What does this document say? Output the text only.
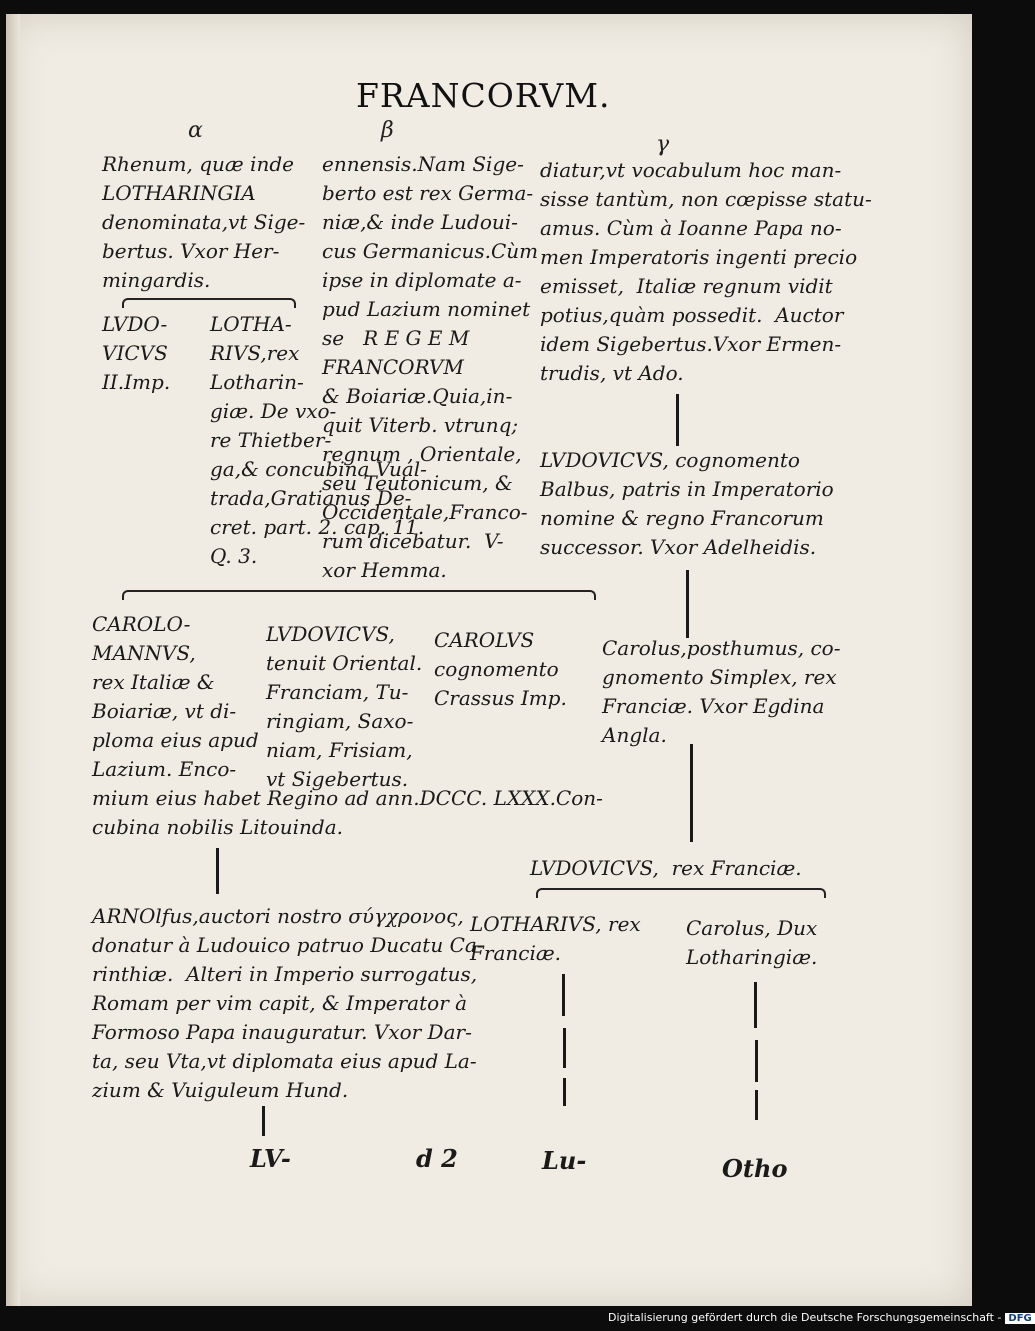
FRANCORVM.
α	β
γ
Rhenum, quæ inde
LOTHARINGIA
denominata,vt Sige-
bertus. Vxor Her-
mingardis.
ennensis.Nam Sige-
berto est rex Germa-
niæ,& inde Ludoui-
cus Germanicus.Cùm
ipse in diplomate a-
pud Lazium nominet
se   R E G E M
FRANCORVM
& Boiariæ.Quia,in-
quit Viterb. vtrunq;
regnum , Orientale,
seu Teutonicum, &
Occidentale,Franco-
rum dicebatur.  V-
xor Hemma.
diatur,vt vocabulum hoc man-
sisse tantùm, non cœpisse statu-
amus. Cùm à Ioanne Papa no-
men Imperatoris ingenti precio
emisset,  Italiæ regnum vidit
potius,quàm possedit.  Auctor
idem Sigebertus.Vxor Ermen-
trudis, vt Ado.
LVDO-
VICVS
II.Imp.
LOTHA-
RIVS,rex
Lotharin-
giæ. De vxo-
re Thietber-
ga,& concubina Vual-
trada,Gratianus De-
cret. part. 2. cap. 11.
Q. 3.
LVDOVICVS, cognomento
Balbus, patris in Imperatorio
nomine & regno Francorum
successor. Vxor Adelheidis.
CAROLO-
MANNVS,
rex Italiæ &
Boiariæ, vt di-
ploma eius apud
Lazium. Enco-
mium eius habet Regino ad ann.DCCC. LXXX.Con-
cubina nobilis Litouinda.
LVDOVICVS,
tenuit Oriental.
Franciam, Tu-
ringiam, Saxo-
niam, Frisiam,
vt Sigebertus.
CAROLVS
cognomento
Crassus Imp.
Carolus,posthumus, co-
gnomento Simplex, rex
Franciæ. Vxor Egdina
Angla.
LVDOVICVS,  rex Franciæ.
ARNOlfus,auctori nostro σύγχρονος,
donatur à Ludouico patruo Ducatu Ca-
rinthiæ.  Alteri in Imperio surrogatus,
Romam per vim capit, & Imperator à
Formoso Papa inauguratur. Vxor Dar-
ta, seu Vta,vt diplomata eius apud La-
zium & Vuiguleum Hund.
LOTHARIVS, rex
Franciæ.
Carolus, Dux
Lotharingiæ.
LV-	d 2	Lu-	Otho
Digitalisierung gefördert durch die Deutsche Forschungsgemeinschaft - DFG
